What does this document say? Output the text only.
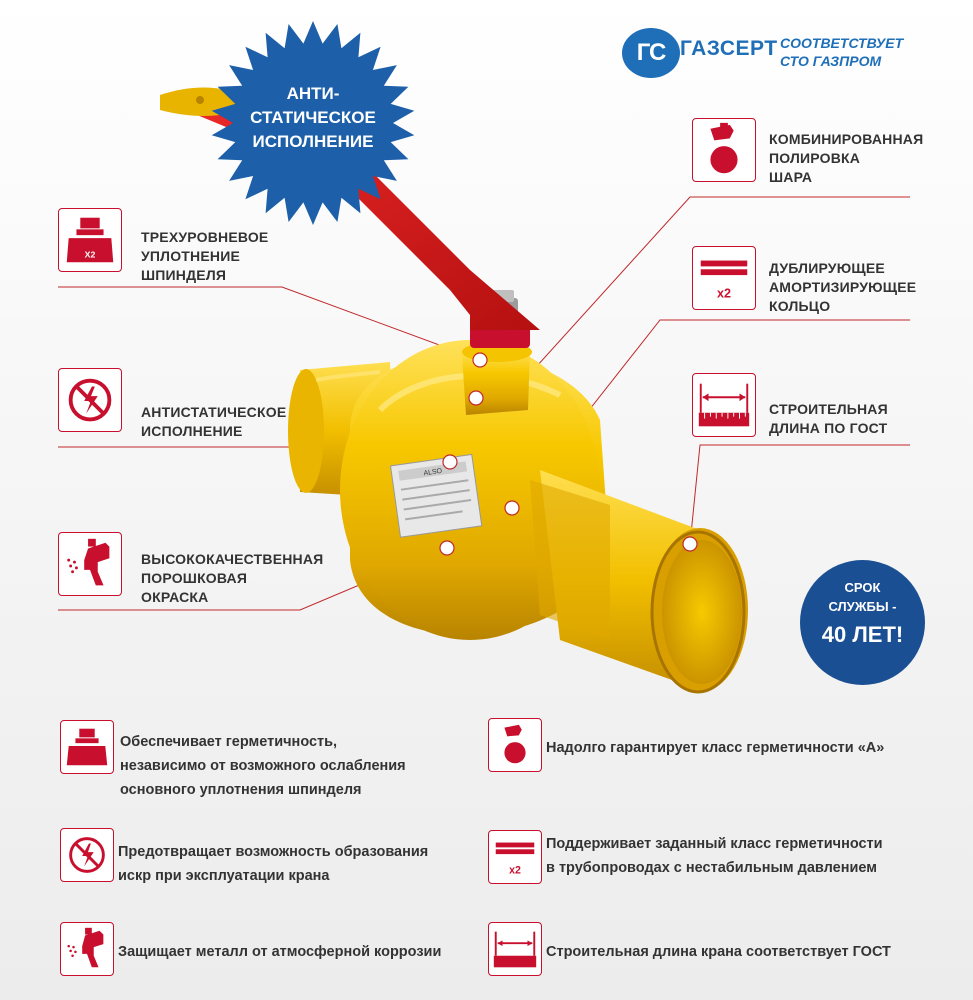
ALSO
АНТИ-
СТАТИЧЕСКОЕ
ИСПОЛНЕНИЕ
ГС ГАЗСЕРТ СООТВЕТСТВУЕТ
СТО ГАЗПРОМ
X2
ТРЕХУРОВНЕВОЕ
УПЛОТНЕНИЕ
ШПИНДЕЛЯ
АНТИСТАТИЧЕСКОЕ
ИСПОЛНЕНИЕ
ВЫСОКОКАЧЕСТВЕННАЯ
ПОРОШКОВАЯ
ОКРАСКА
КОМБИНИРОВАННАЯ
ПОЛИРОВКА
ШАРА
x2
ДУБЛИРУЮЩЕЕ
АМОРТИЗИРУЮЩЕЕ
КОЛЬЦО
СТРОИТЕЛЬНАЯ
ДЛИНА ПО ГОСТ
СРОК
СЛУЖБЫ -
40 ЛЕТ!
Обеспечивает герметичность,
независимо от возможного ослабления
основного уплотнения шпинделя
Надолго гарантирует класс герметичности «А»
Предотвращает возможность образования
искр при эксплуатации крана	x2
Поддерживает заданный класс герметичности
в трубопроводах с нестабильным давлением
Защищает металл от атмосферной коррозии	Строительная длина крана соответствует ГОСТ
